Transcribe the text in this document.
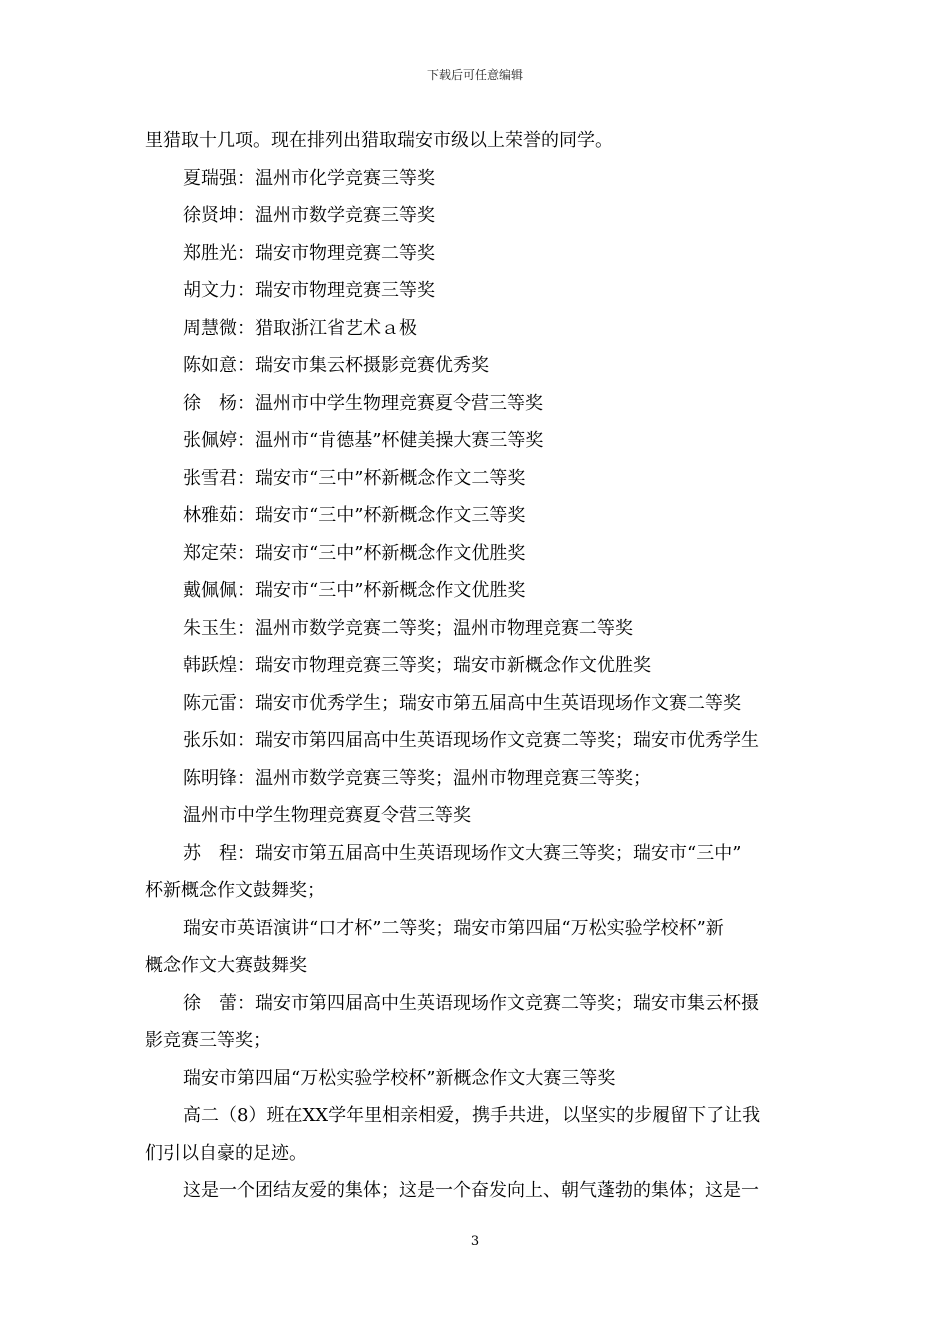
下载后可任意编辑
里猎取十几项。现在排列出猎取瑞安市级以上荣誉的同学。
夏瑞强：温州市化学竞赛三等奖
徐贤坤：温州市数学竞赛三等奖
郑胜光：瑞安市物理竞赛二等奖
胡文力：瑞安市物理竞赛三等奖
周慧微：猎取浙江省艺术ａ极
陈如意：瑞安市集云杯摄影竞赛优秀奖
徐　杨：温州市中学生物理竞赛夏令营三等奖
张佩婷：温州市“肯德基”杯健美操大赛三等奖
张雪君：瑞安市“三中”杯新概念作文二等奖
林雅茹：瑞安市“三中”杯新概念作文三等奖
郑定荣：瑞安市“三中”杯新概念作文优胜奖
戴佩佩：瑞安市“三中”杯新概念作文优胜奖
朱玉生：温州市数学竞赛二等奖；温州市物理竞赛二等奖
韩跃煌：瑞安市物理竞赛三等奖；瑞安市新概念作文优胜奖
陈元雷：瑞安市优秀学生；瑞安市第五届高中生英语现场作文赛二等奖
张乐如：瑞安市第四届高中生英语现场作文竞赛二等奖；瑞安市优秀学生
陈明锋：温州市数学竞赛三等奖；温州市物理竞赛三等奖；
温州市中学生物理竞赛夏令营三等奖
苏　程：瑞安市第五届高中生英语现场作文大赛三等奖；瑞安市“三中”
杯新概念作文鼓舞奖；
瑞安市英语演讲“口才杯”二等奖；瑞安市第四届“万松实验学校杯”新
概念作文大赛鼓舞奖
徐　蕾：瑞安市第四届高中生英语现场作文竞赛二等奖；瑞安市集云杯摄
影竞赛三等奖；
瑞安市第四届“万松实验学校杯”新概念作文大赛三等奖
高二（8）班在XX学年里相亲相爱，携手共进，以坚实的步履留下了让我
们引以自豪的足迹。
这是一个团结友爱的集体；这是一个奋发向上、朝气蓬勃的集体；这是一
3
